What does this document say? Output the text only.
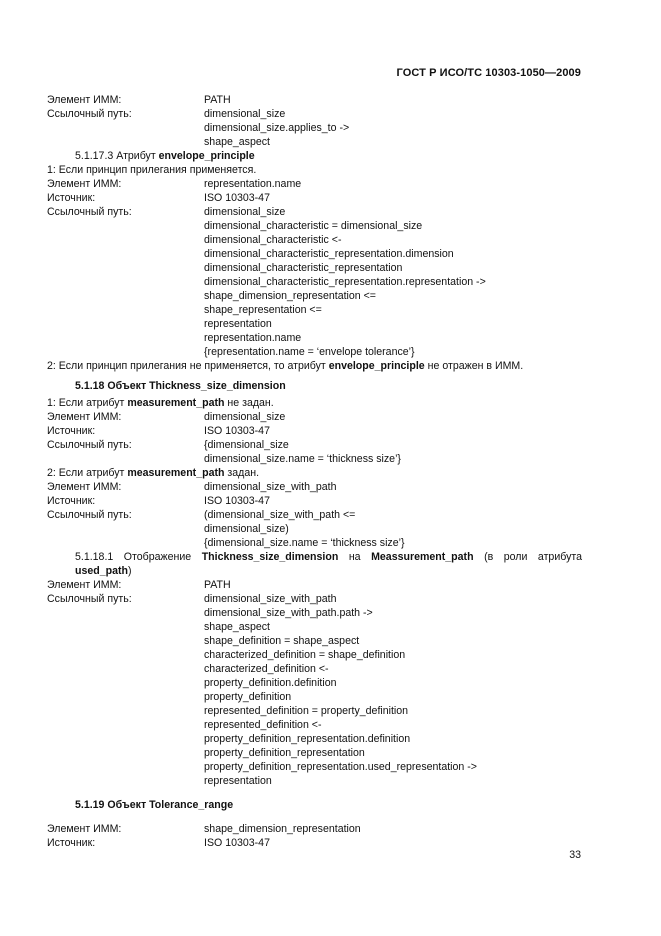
ГОСТ Р ИСО/ТС 10303-1050—2009
Элемент ИММ:	PATH
Ссылочный путь:	dimensional_size
dimensional_size.applies_to ->
shape_aspect
5.1.17.3 Атрибут envelope_principle
1: Если принцип прилегания применяется.
Элемент ИММ:	representation.name
Источник:	ISO 10303-47
Ссылочный путь:	dimensional_size
dimensional_characteristic = dimensional_size
dimensional_characteristic <-
dimensional_characteristic_representation.dimension
dimensional_characteristic_representation
dimensional_characteristic_representation.representation ->
shape_dimension_representation <=
shape_representation <=
representation
representation.name
{representation.name = ‘envelope tolerance’}
2: Если принцип прилегания не применяется, то атрибут envelope_principle не отражен в ИММ.
5.1.18 Объект Thickness_size_dimension
1: Если атрибут measurement_path не задан.
Элемент ИММ:	dimensional_size
Источник:	ISO 10303-47
Ссылочный путь:	{dimensional_size
dimensional_size.name = ‘thickness size’}
2: Если атрибут measurement_path задан.
Элемент ИММ:	dimensional_size_with_path
Источник:	ISO 10303-47
Ссылочный путь:	(dimensional_size_with_path <=
dimensional_size)
{dimensional_size.name = ‘thickness size’}
5.1.18.1 Отображение Thickness_size_dimension на Meassurement_path (в роли атрибута used_path)
Элемент ИММ:	PATH
Ссылочный путь:	dimensional_size_with_path
dimensional_size_with_path.path ->
shape_aspect
shape_definition = shape_aspect
characterized_definition = shape_definition
characterized_definition <-
property_definition.definition
property_definition
represented_definition = property_definition
represented_definition <-
property_definition_representation.definition
property_definition_representation
property_definition_representation.used_representation ->
representation
5.1.19 Объект Tolerance_range
Элемент ИММ:	shape_dimension_representation
Источник:	ISO 10303-47
33
